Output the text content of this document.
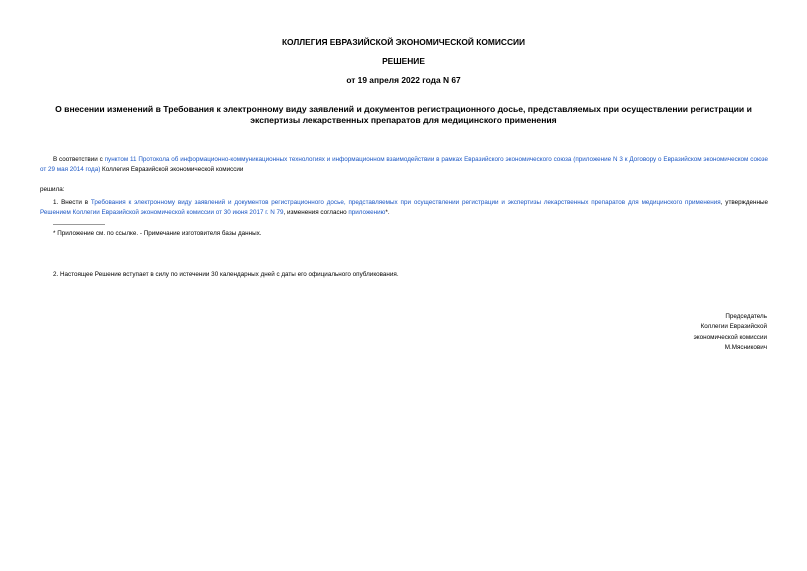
КОЛЛЕГИЯ ЕВРАЗИЙСКОЙ ЭКОНОМИЧЕСКОЙ КОМИССИИ

РЕШЕНИЕ

от 19 апреля 2022 года N 67

О внесении изменений в Требования к электронному виду заявлений и документов регистрационного досье, представляемых при осуществлении регистрации и экспертизы лекарственных препаратов для медицинского применения

В соответствии с пунктом 11 Протокола об информационно-коммуникационных технологиях и информационном взаимодействии в рамках Евразийского экономического союза (приложение N 3 к Договору о Евразийском экономическом союзе от 29 мая 2014 года) Коллегия Евразийской экономической комиссии

решила:

1. Внести в Требования к электронному виду заявлений и документов регистрационного досье, представляемых при осуществлении регистрации и экспертизы лекарственных препаратов для медицинского применения, утвержденные Решением Коллегии Евразийской экономической комиссии от 30 июня 2017 г. N 79, изменения согласно приложению*.

* Приложение см. по ссылке. - Примечание изготовителя базы данных.

2. Настоящее Решение вступает в силу по истечении 30 календарных дней с даты его официального опубликования.

Председатель
Коллегии Евразийской
экономической комиссии
М.Мясникович
